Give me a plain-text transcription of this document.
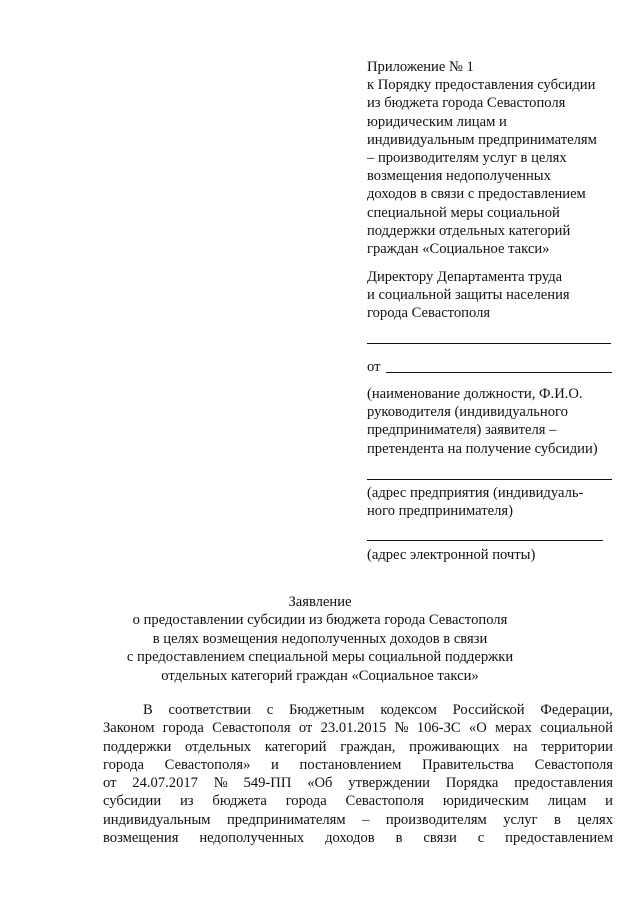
Приложение № 1
к Порядку предоставления субсидии
из бюджета города Севастополя
юридическим лицам и
индивидуальным предпринимателям
– производителям услуг в целях
возмещения недополученных
доходов в связи с предоставлением
специальной меры социальной
поддержки отдельных категорий
граждан «Социальное такси»
Директору Департамента труда
и социальной защиты населения
города Севастополя
от
(наименование должности, Ф.И.О.
руководителя (индивидуального
предпринимателя) заявителя –
претендента на получение субсидии)
(адрес предприятия (индивидуаль-
ного предпринимателя)
(адрес электронной почты)
Заявление
о предоставлении субсидии из бюджета города Севастополя
в целях возмещения недополученных доходов в связи
с предоставлением специальной меры социальной поддержки
отдельных категорий граждан «Социальное такси»
В соответствии с Бюджетным кодексом Российской Федерации,
Законом города Севастополя от 23.01.2015 № 106-ЗС «О мерах социальной
поддержки отдельных категорий граждан, проживающих на территории
города Севастополя» и постановлением Правительства Севастополя
от 24.07.2017 № 549-ПП «Об утверждении Порядка предоставления
субсидии из бюджета города Севастополя юридическим лицам и
индивидуальным предпринимателям – производителям услуг в целях
возмещения недополученных доходов в связи с предоставлением
